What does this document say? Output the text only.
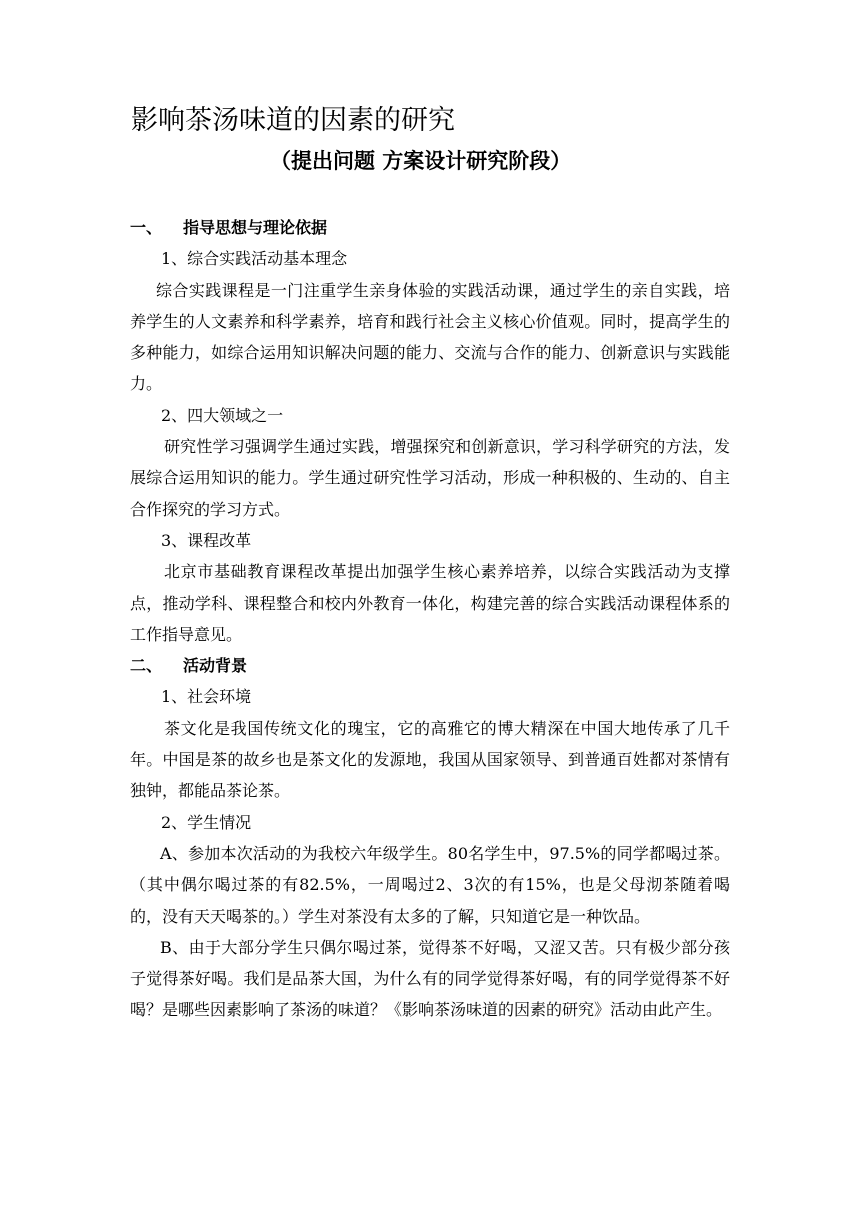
影响茶汤味道的因素的研究
（提出问题 方案设计研究阶段）

一、 指导思想与理论依据

1、综合实践活动基本理念

综合实践课程是一门注重学生亲身体验的实践活动课，通过学生的亲自实践，培养学生的人文素养和科学素养，培育和践行社会主义核心价值观。同时，提高学生的多种能力，如综合运用知识解决问题的能力、交流与合作的能力、创新意识与实践能力。

2、四大领域之一

研究性学习强调学生通过实践，增强探究和创新意识，学习科学研究的方法，发展综合运用知识的能力。学生通过研究性学习活动，形成一种积极的、生动的、自主合作探究的学习方式。

3、课程改革

北京市基础教育课程改革提出加强学生核心素养培养，以综合实践活动为支撑点，推动学科、课程整合和校内外教育一体化，构建完善的综合实践活动课程体系的工作指导意见。

二、 活动背景

1、社会环境

茶文化是我国传统文化的瑰宝，它的高雅它的博大精深在中国大地传承了几千年。中国是茶的故乡也是茶文化的发源地，我国从国家领导、到普通百姓都对茶情有独钟，都能品茶论茶。

2、学生情况

A、参加本次活动的为我校六年级学生。80名学生中，97.5%的同学都喝过茶。（其中偶尔喝过茶的有82.5%，一周喝过2、3次的有15%，也是父母沏茶随着喝的，没有天天喝茶的。）学生对茶没有太多的了解，只知道它是一种饮品。

B、由于大部分学生只偶尔喝过茶，觉得茶不好喝，又涩又苦。只有极少部分孩子觉得茶好喝。我们是品茶大国，为什么有的同学觉得茶好喝，有的同学觉得茶不好喝？是哪些因素影响了茶汤的味道？《影响茶汤味道的因素的研究》活动由此产生。
